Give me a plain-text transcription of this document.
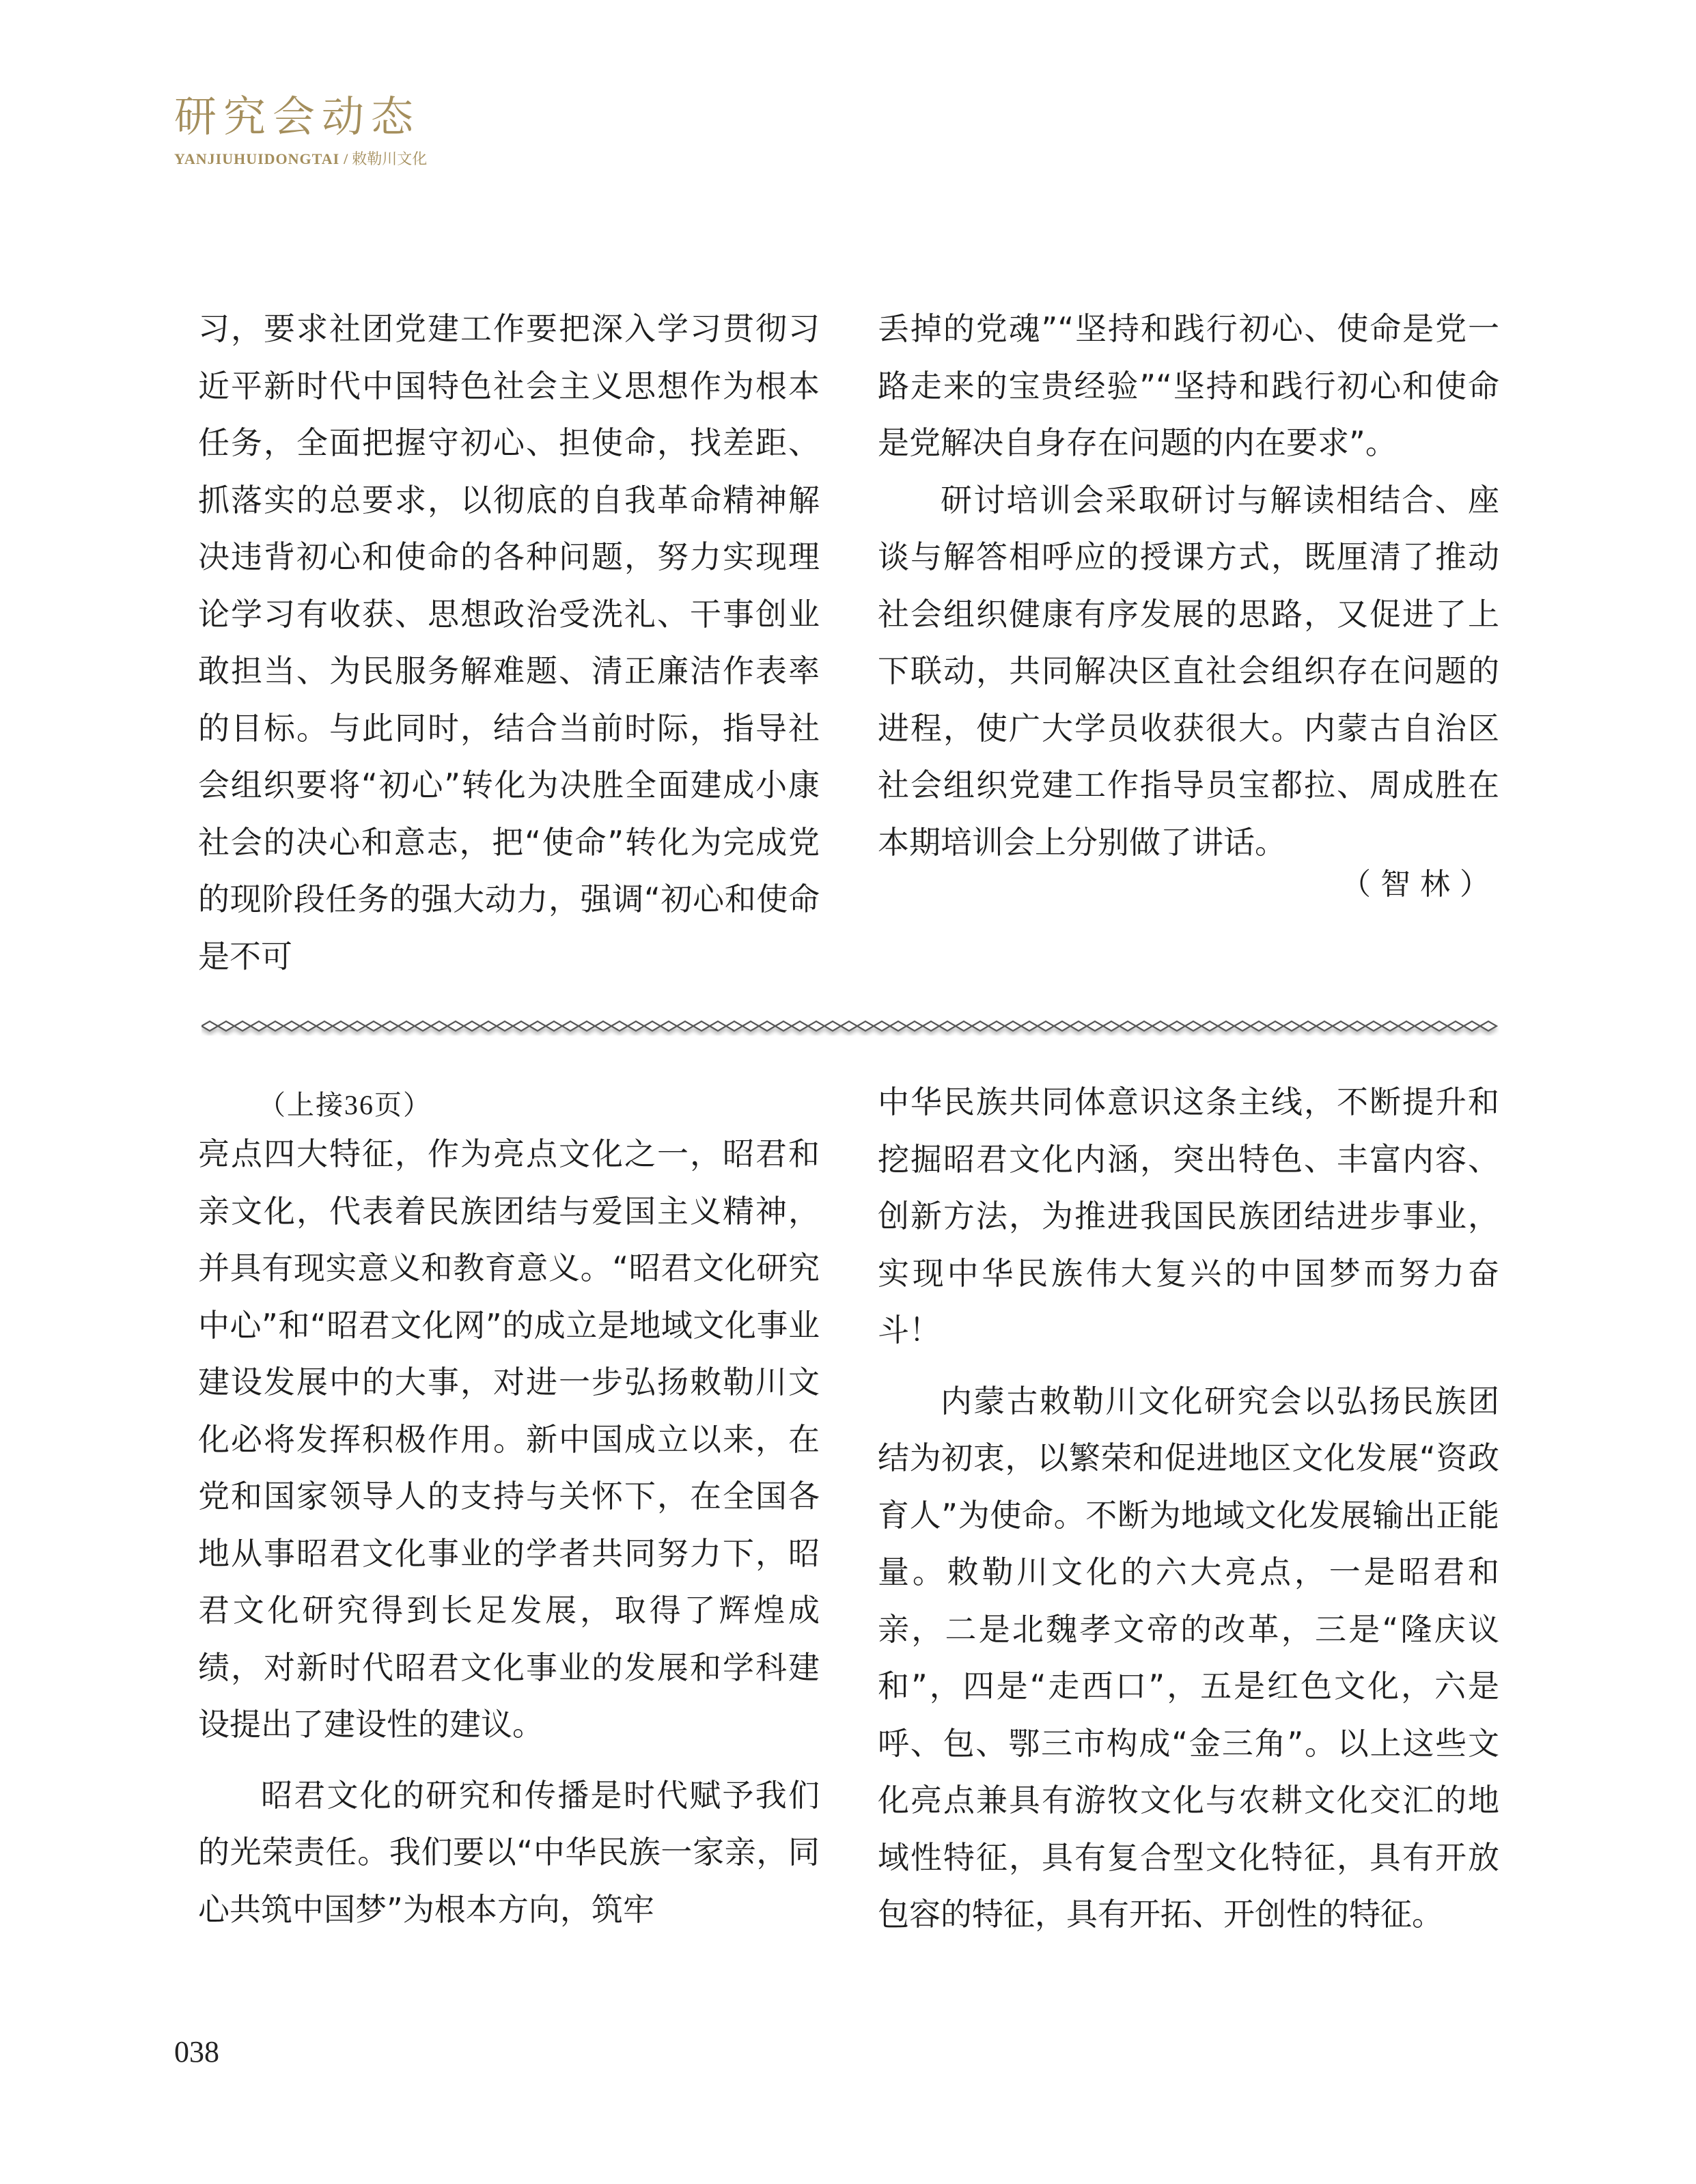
研究会动态
YANJIUHUIDONGTAI / 敕勒川文化

习，要求社团党建工作要把深入学习贯彻习近平新时代中国特色社会主义思想作为根本任务，全面把握守初心、担使命，找差距、抓落实的总要求，以彻底的自我革命精神解决违背初心和使命的各种问题，努力实现理论学习有收获、思想政治受洗礼、干事创业敢担当、为民服务解难题、清正廉洁作表率的目标。与此同时，结合当前时际，指导社会组织要将“初心”转化为决胜全面建成小康社会的决心和意志，把“使命”转化为完成党的现阶段任务的强大动力，强调“初心和使命是不可

丢掉的党魂”“坚持和践行初心、使命是党一路走来的宝贵经验”“坚持和践行初心和使命是党解决自身存在问题的内在要求”。

研讨培训会采取研讨与解读相结合、座谈与解答相呼应的授课方式，既厘清了推动社会组织健康有序发展的思路，又促进了上下联动，共同解决区直社会组织存在问题的进程，使广大学员收获很大。内蒙古自治区社会组织党建工作指导员宝都拉、周成胜在本期培训会上分别做了讲话。

（智林）
（上接36页）

亮点四大特征，作为亮点文化之一，昭君和亲文化，代表着民族团结与爱国主义精神，并具有现实意义和教育意义。“昭君文化研究中心”和“昭君文化网”的成立是地域文化事业建设发展中的大事，对进一步弘扬敕勒川文化必将发挥积极作用。新中国成立以来，在党和国家领导人的支持与关怀下，在全国各地从事昭君文化事业的学者共同努力下，昭君文化研究得到长足发展，取得了辉煌成绩，对新时代昭君文化事业的发展和学科建设提出了建设性的建议。

昭君文化的研究和传播是时代赋予我们的光荣责任。我们要以“中华民族一家亲，同心共筑中国梦”为根本方向，筑牢

中华民族共同体意识这条主线，不断提升和挖掘昭君文化内涵，突出特色、丰富内容、创新方法，为推进我国民族团结进步事业，实现中华民族伟大复兴的中国梦而努力奋斗！

内蒙古敕勒川文化研究会以弘扬民族团结为初衷，以繁荣和促进地区文化发展“资政育人”为使命。不断为地域文化发展输出正能量。敕勒川文化的六大亮点，一是昭君和亲，二是北魏孝文帝的改革，三是“隆庆议和”，四是“走西口”，五是红色文化，六是呼、包、鄂三市构成“金三角”。以上这些文化亮点兼具有游牧文化与农耕文化交汇的地域性特征，具有复合型文化特征，具有开放包容的特征，具有开拓、开创性的特征。

038
